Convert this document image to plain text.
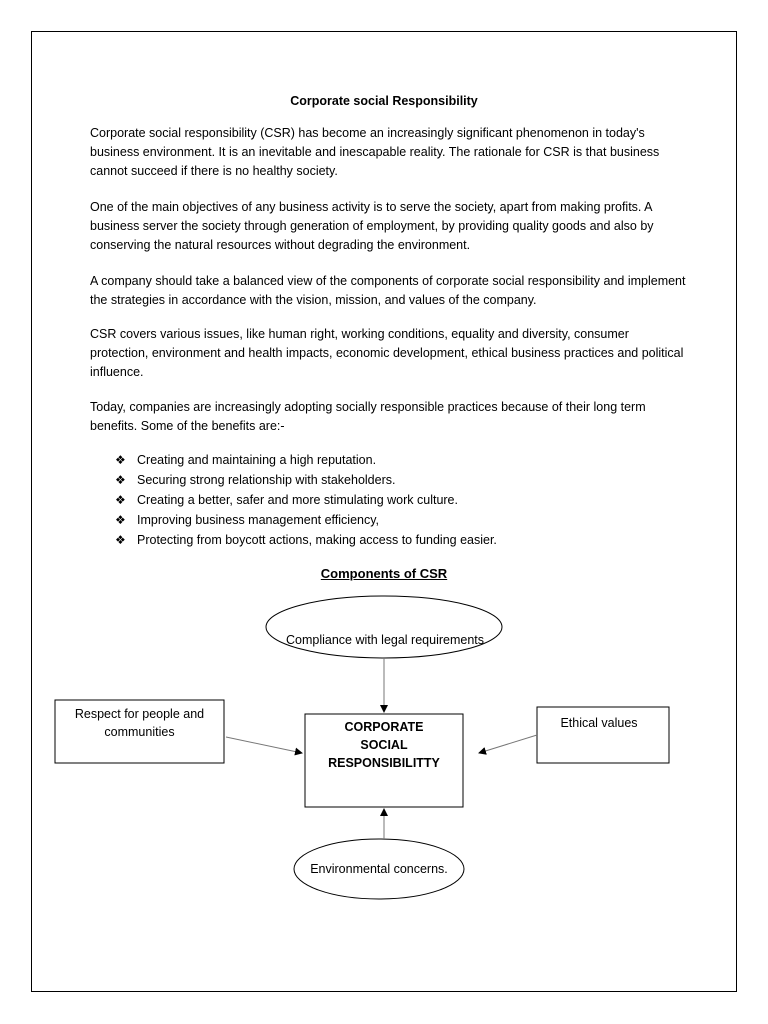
Corporate social Responsibility

Corporate social responsibility (CSR) has become an increasingly significant phenomenon in today's business environment. It is an inevitable and inescapable reality. The rationale for CSR is that business cannot succeed if there is no healthy society.

One of the main objectives of any business activity is to serve the society, apart from making profits. A business server the society through generation of employment, by providing quality goods and also by conserving the natural resources without degrading the environment.

A company should take a balanced view of the components of corporate social responsibility and implement the strategies in accordance with the vision, mission, and values of the company.

CSR covers various issues, like human right, working conditions, equality and diversity, consumer protection, environment and health impacts, economic development, ethical business practices and political influence.

Today, companies are increasingly adopting socially responsible practices because of their long term benefits. Some of the benefits are:-

❖ Creating and maintaining a high reputation.
❖ Securing strong relationship with stakeholders.
❖ Creating a better, safer and more stimulating work culture.
❖ Improving business management efficiency,
❖ Protecting from boycott actions, making access to funding easier.
Components of CSR
Compliance with legal requirements
CORPORATE SOCIAL RESPONSIBILITTY
Respect for people and communities
Ethical values
Environmental concerns.
